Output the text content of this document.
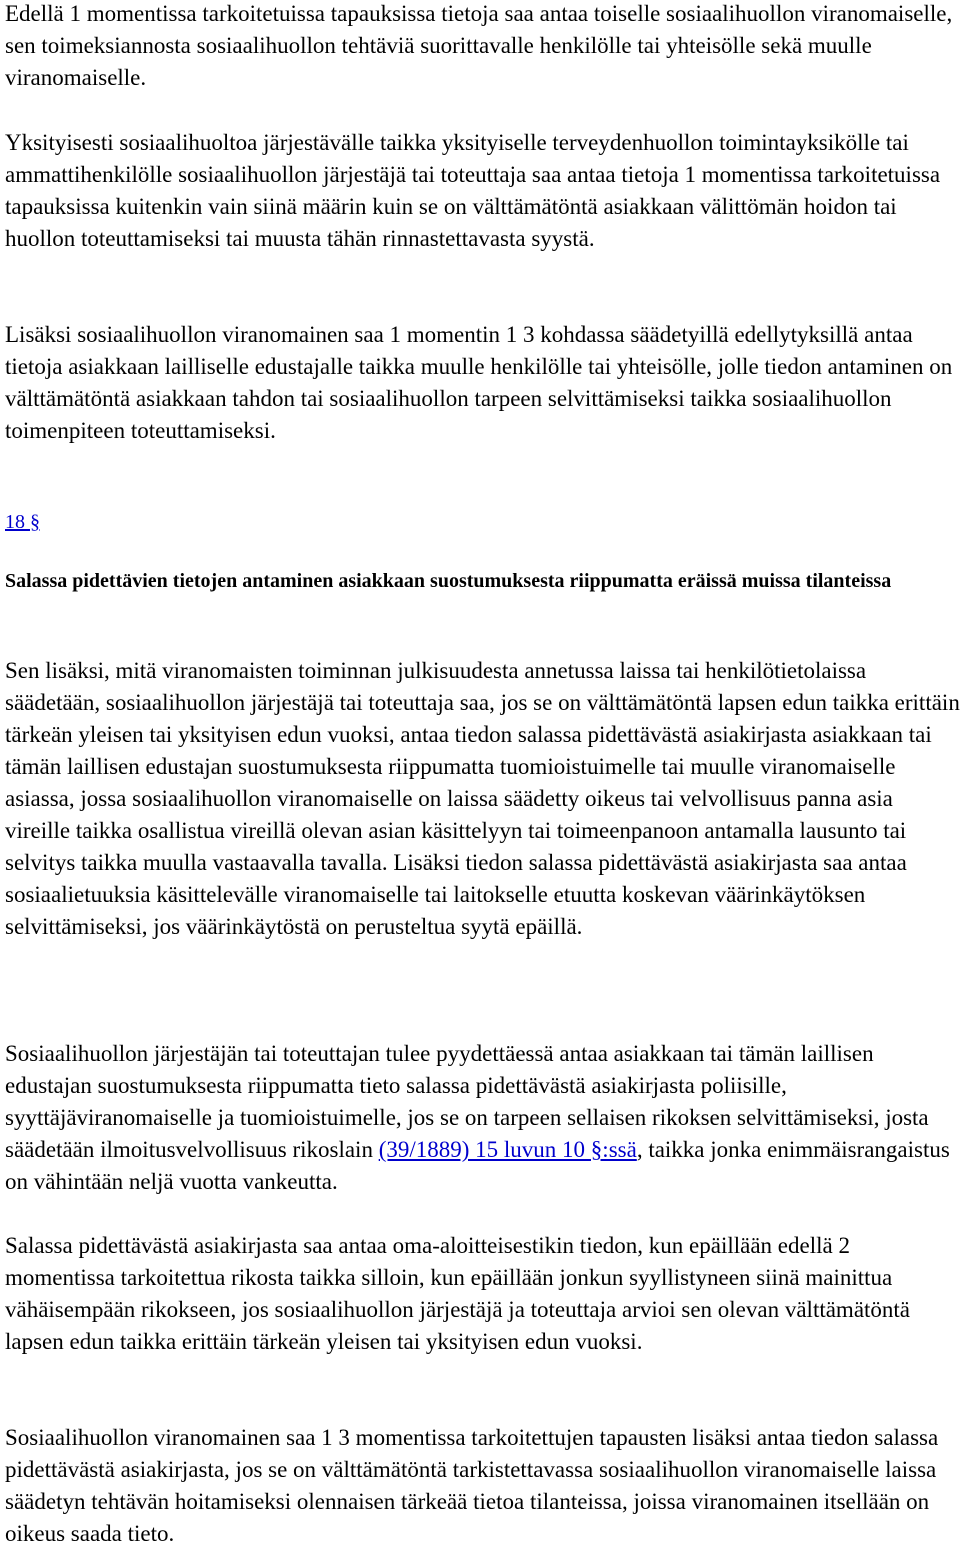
Edellä 1 momentissa tarkoitetuissa tapauksissa tietoja saa antaa toiselle sosiaalihuollon viranomaiselle, sen toimeksiannosta sosiaalihuollon tehtäviä suorittavalle henkilölle tai yhteisölle sekä muulle viranomaiselle.

Yksityisesti sosiaalihuoltoa järjestävälle taikka yksityiselle terveydenhuollon toimintayksikölle tai ammattihenkilölle sosiaalihuollon järjestäjä tai toteuttaja saa antaa tietoja 1 momentissa tarkoitetuissa tapauksissa kuitenkin vain siinä määrin kuin se on välttämätöntä asiakkaan välittömän hoidon tai huollon toteuttamiseksi tai muusta tähän rinnastettavasta syystä.

Lisäksi sosiaalihuollon viranomainen saa 1 momentin 1 3 kohdassa säädetyillä edellytyksillä antaa tietoja asiakkaan lailliselle edustajalle taikka muulle henkilölle tai yhteisölle, jolle tiedon antaminen on välttämätöntä asiakkaan tahdon tai sosiaalihuollon tarpeen selvittämiseksi taikka sosiaalihuollon toimenpiteen toteuttamiseksi.

18 §

Salassa pidettävien tietojen antaminen asiakkaan suostumuksesta riippumatta eräissä muissa tilanteissa

Sen lisäksi, mitä viranomaisten toiminnan julkisuudesta annetussa laissa tai henkilötietolaissa säädetään, sosiaalihuollon järjestäjä tai toteuttaja saa, jos se on välttämätöntä lapsen edun taikka erittäin tärkeän yleisen tai yksityisen edun vuoksi, antaa tiedon salassa pidettävästä asiakirjasta asiakkaan tai tämän laillisen edustajan suostumuksesta riippumatta tuomioistuimelle tai muulle viranomaiselle asiassa, jossa sosiaalihuollon viranomaiselle on laissa säädetty oikeus tai velvollisuus panna asia vireille taikka osallistua vireillä olevan asian käsittelyyn tai toimeenpanoon antamalla lausunto tai selvitys taikka muulla vastaavalla tavalla. Lisäksi tiedon salassa pidettävästä asiakirjasta saa antaa sosiaalietuuksia käsittelevälle viranomaiselle tai laitokselle etuutta koskevan väärinkäytöksen selvittämiseksi, jos väärinkäytöstä on perusteltua syytä epäillä.

Sosiaalihuollon järjestäjän tai toteuttajan tulee pyydettäessä antaa asiakkaan tai tämän laillisen edustajan suostumuksesta riippumatta tieto salassa pidettävästä asiakirjasta poliisille, syyttäjäviranomaiselle ja tuomioistuimelle, jos se on tarpeen sellaisen rikoksen selvittämiseksi, josta säädetään ilmoitusvelvollisuus rikoslain (39/1889) 15 luvun 10 §:ssä, taikka jonka enimmäisrangaistus on vähintään neljä vuotta vankeutta.

Salassa pidettävästä asiakirjasta saa antaa oma-aloitteisestikin tiedon, kun epäillään edellä 2 momentissa tarkoitettua rikosta taikka silloin, kun epäillään jonkun syyllistyneen siinä mainittua vähäisempään rikokseen, jos sosiaalihuollon järjestäjä ja toteuttaja arvioi sen olevan välttämätöntä lapsen edun taikka erittäin tärkeän yleisen tai yksityisen edun vuoksi.

Sosiaalihuollon viranomainen saa 1 3 momentissa tarkoitettujen tapausten lisäksi antaa tiedon salassa pidettävästä asiakirjasta, jos se on välttämätöntä tarkistettavassa sosiaalihuollon viranomaiselle laissa säädetyn tehtävän hoitamiseksi olennaisen tärkeää tietoa tilanteissa, joissa viranomainen itsellään on oikeus saada tieto.
